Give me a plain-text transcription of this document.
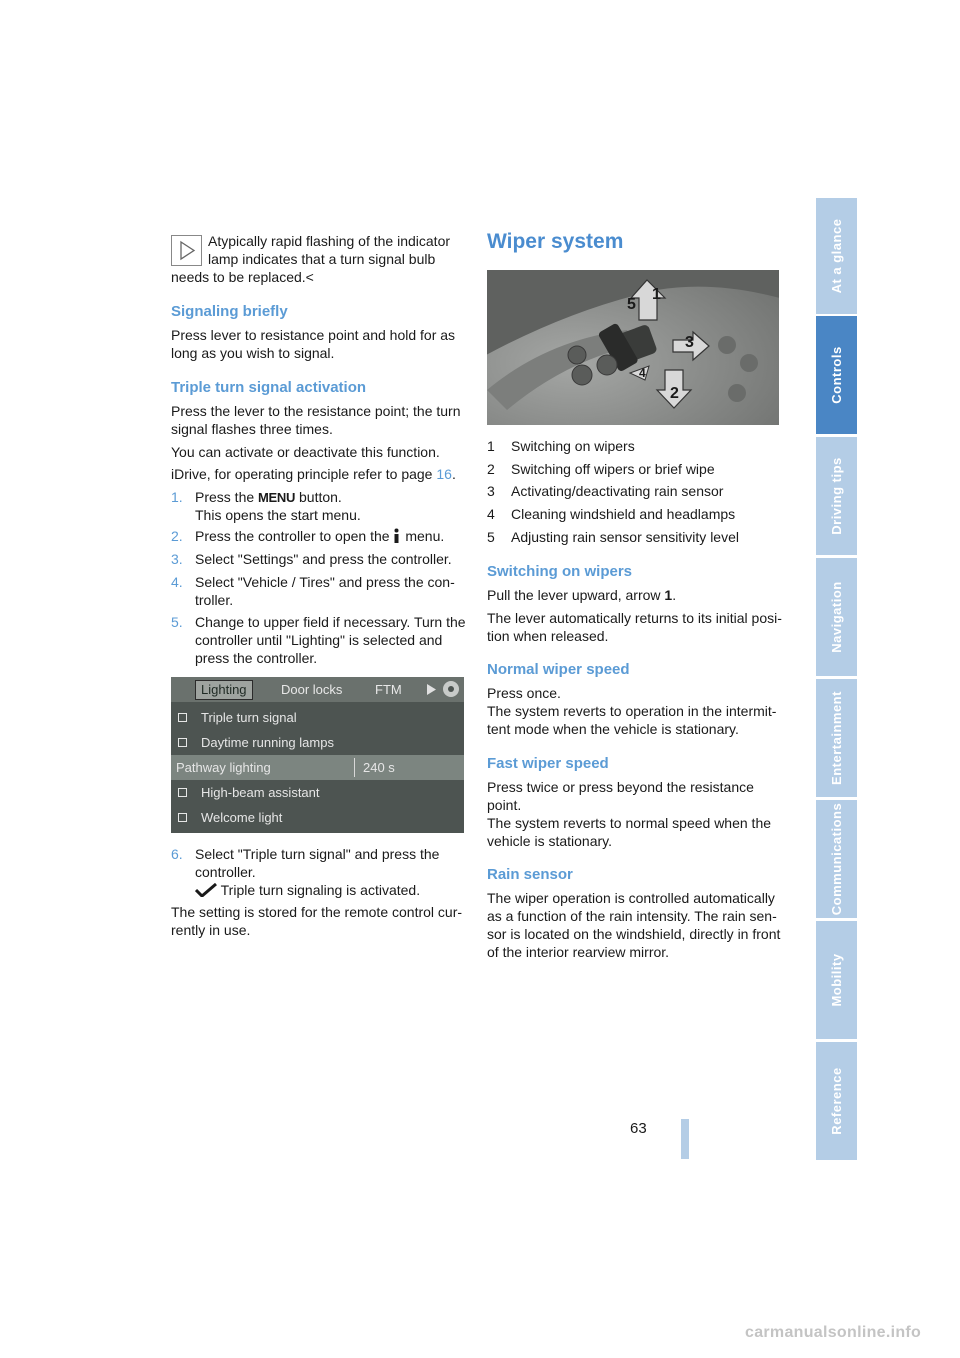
Atypically rapid flashing of the indicator

lamp indicates that a turn signal bulb

needs to be replaced.<

Signaling briefly

Press lever to resistance point and hold for as

long as you wish to signal.

Triple turn signal activation

Press the lever to the resistance point; the turn

signal flashes three times.

You can activate or deactivate this function.

iDrive, for operating principle refer to page 16.

1. Press the MENU button.
This opens the start menu.
2. Press the controller to open the menu.
3. Select "Settings" and press the controller.
4. Select "Vehicle / Tires" and press the con-
troller.
5. Change to upper field if necessary. Turn the
controller until "Lighting" is selected and
press the controller.
Lighting	Door locks	FTM
Triple turn signal
Daytime running lamps
Pathway lighting	240 s
High-beam assistant
Welcome light
6. Select "Triple turn signal" and press the
controller.
Triple turn signaling is activated.

The setting is stored for the remote control cur-

rently in use.

Wiper system

1
2
3
4
5
1 Switching on wipers
2 Switching off wipers or brief wipe
3 Activating/deactivating rain sensor
4 Cleaning windshield and headlamps
5 Adjusting rain sensor sensitivity level

Switching on wipers

Pull the lever upward, arrow 1.

The lever automatically returns to its initial posi-

tion when released.

Normal wiper speed

Press once.

The system reverts to operation in the intermit-

tent mode when the vehicle is stationary.

Fast wiper speed

Press twice or press beyond the resistance

point.

The system reverts to normal speed when the

vehicle is stationary.

Rain sensor

The wiper operation is controlled automatically

as a function of the rain intensity. The rain sen-

sor is located on the windshield, directly in front

of the interior rearview mirror.

63

At a glance
Controls
Driving tips
Navigation
Entertainment
Communications
Mobility
Reference

carmanualsonline.info
